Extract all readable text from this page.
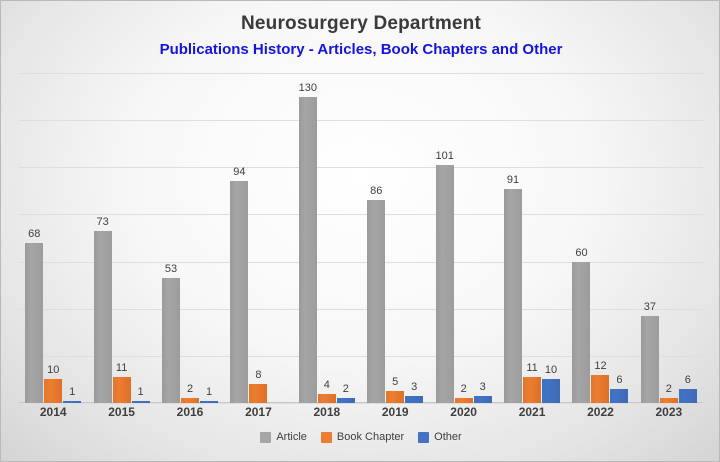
Neurosurgery Department
Publications History - Articles, Book Chapters and Other
68
10
1
73
11
1
53
2 1
94
8
130
4 2
86
5 3
101
2 3
91
11 10
60
12
6
37
2
6
2014	2015	2016	2017	2018	2019	2020	2021	2022	2023
Article	Book Chapter	Other
